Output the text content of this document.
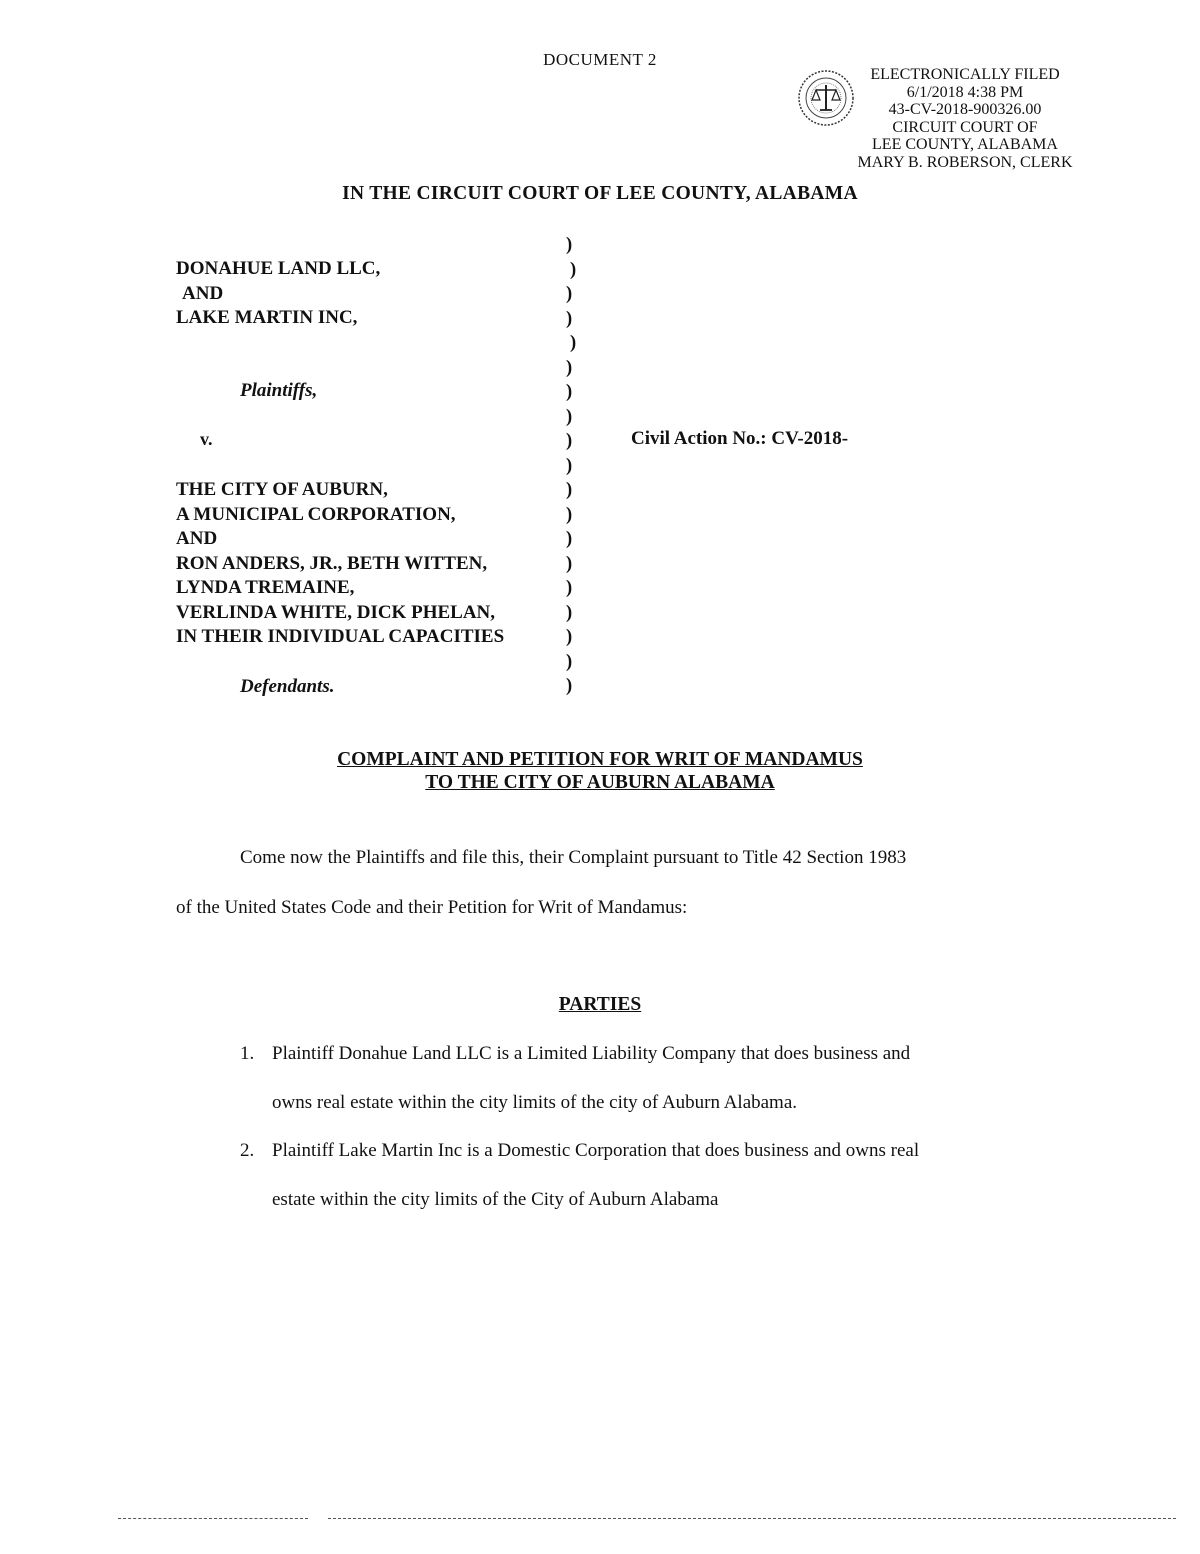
DOCUMENT 2
ELECTRONICALLY FILED
6/1/2018 4:38 PM
43-CV-2018-900326.00
CIRCUIT COURT OF
LEE COUNTY, ALABAMA
MARY B. ROBERSON, CLERK
IN THE CIRCUIT COURT OF LEE COUNTY, ALABAMA
DONAHUE LAND LLC,
AND
LAKE MARTIN INC,
Plaintiffs,
v.
THE CITY OF AUBURN,
A MUNICIPAL CORPORATION,
AND
RON ANDERS, JR., BETH WITTEN,
LYNDA TREMAINE,
VERLINDA WHITE, DICK PHELAN,
IN THEIR INDIVIDUAL CAPACITIES
Defendants.
)
)
)
)
)
)
)
)
)
)
)
)
)
)
)
)
)
)
)
Civil Action No.: CV-2018-
COMPLAINT AND PETITION FOR WRIT OF MANDAMUS
TO THE CITY OF AUBURN ALABAMA
Come now the Plaintiffs and file this, their Complaint pursuant to Title 42 Section 1983
of the United States Code and their Petition for Writ of Mandamus:
PARTIES
1. Plaintiff Donahue Land LLC is a Limited Liability Company that does business and
owns real estate within the city limits of the city of Auburn Alabama.
2. Plaintiff Lake Martin Inc is a Domestic Corporation that does business and owns real
estate within the city limits of the City of Auburn Alabama
